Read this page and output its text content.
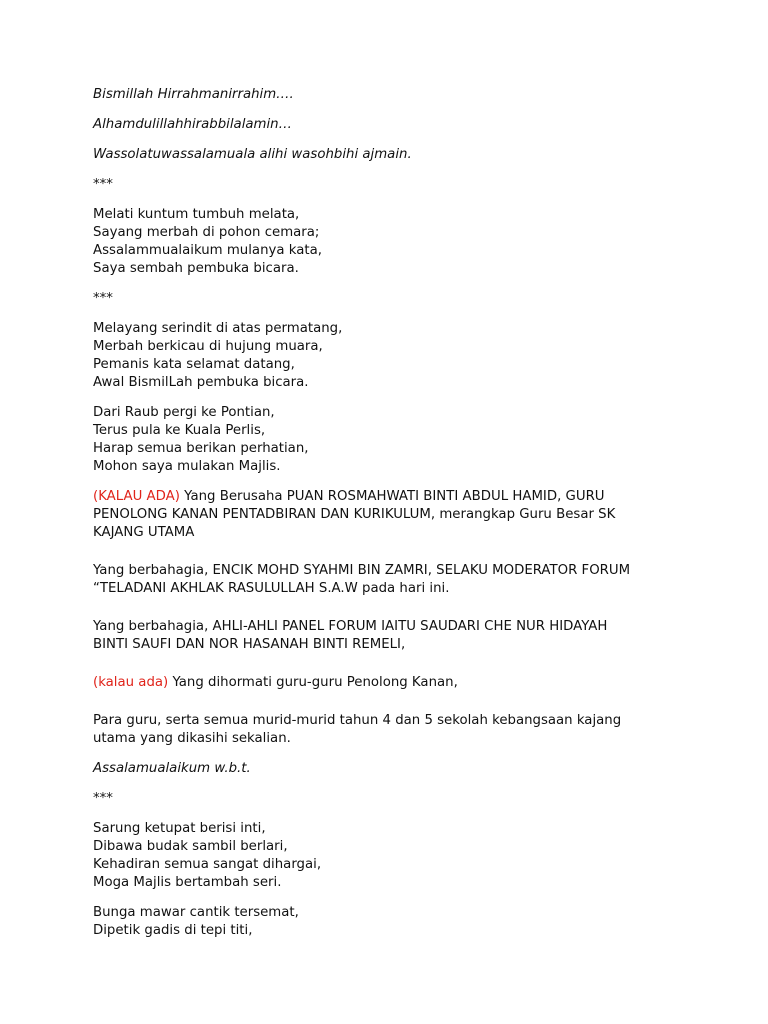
Bismillah Hirrahmanirrahim….

Alhamdulillahhirabbilalamin…

Wassolatuwassalamuala alihi wasohbihi ajmain.

***

Melati kuntum tumbuh melata,

Sayang merbah di pohon cemara;

Assalammualaikum mulanya kata,

Saya sembah pembuka bicara.

***

Melayang serindit di atas permatang,

Merbah berkicau di hujung muara,

Pemanis kata selamat datang,

Awal BismilLah pembuka bicara.

Dari Raub pergi ke Pontian,

Terus pula ke Kuala Perlis,

Harap semua berikan perhatian,

Mohon saya mulakan Majlis.

(KALAU ADA) Yang Berusaha PUAN ROSMAHWATI BINTI ABDUL HAMID, GURU

PENOLONG KANAN PENTADBIRAN DAN KURIKULUM, merangkap Guru Besar SK

KAJANG UTAMA

Yang berbahagia, ENCIK MOHD SYAHMI BIN ZAMRI, SELAKU MODERATOR FORUM

“TELADANI AKHLAK RASULULLAH S.A.W pada hari ini.

Yang berbahagia, AHLI-AHLI PANEL FORUM IAITU SAUDARI CHE NUR HIDAYAH

BINTI SAUFI DAN NOR HASANAH BINTI REMELI,

(kalau ada) Yang dihormati guru-guru Penolong Kanan,

Para guru, serta semua murid-murid tahun 4 dan 5 sekolah kebangsaan kajang

utama yang dikasihi sekalian.

Assalamualaikum w.b.t.

***

Sarung ketupat berisi inti,

Dibawa budak sambil berlari,

Kehadiran semua sangat dihargai,

Moga Majlis bertambah seri.

Bunga mawar cantik tersemat,

Dipetik gadis di tepi titi,
